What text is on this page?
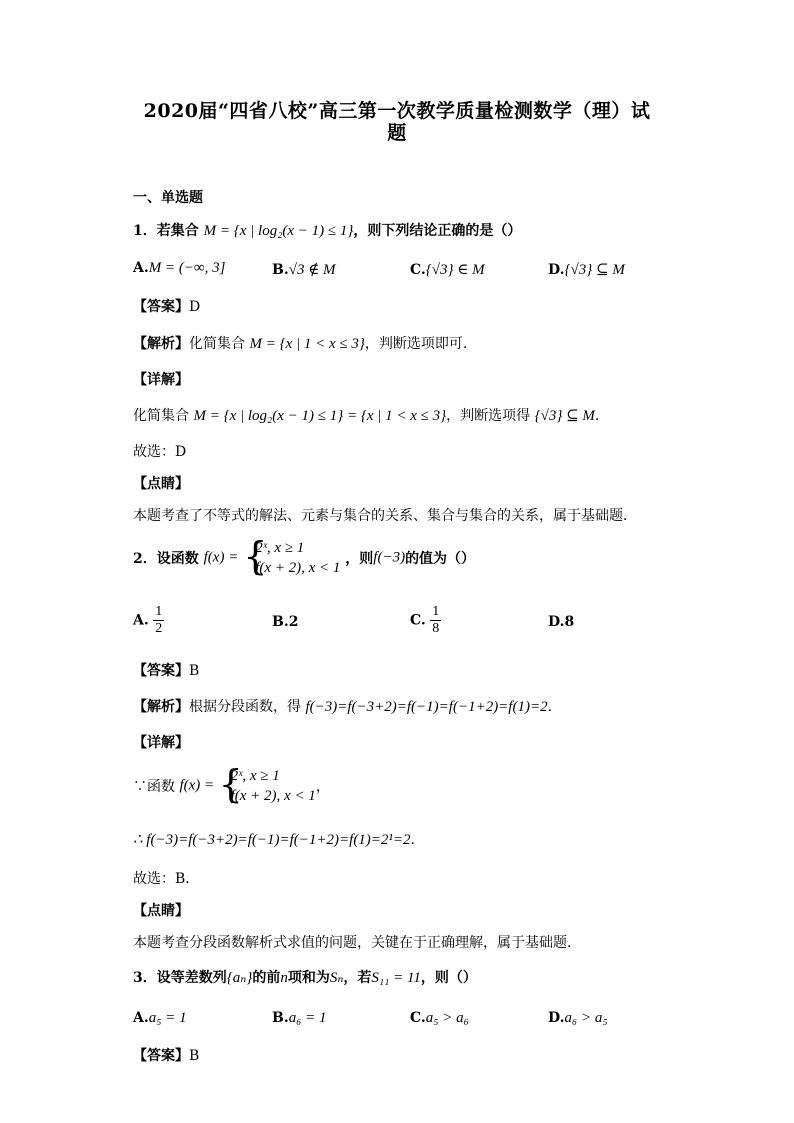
2020届“四省八校”高三第一次教学质量检测数学（理）试
题
一、单选题
1．若集合 M = {x | log₂(x − 1) ≤ 1}，则下列结论正确的是（）
A.M = (−∞, 3]	B.√3 ∉ M	C.{√3} ∈ M	D.{√3} ⊆ M
【答案】D
【解析】化简集合 M = {x | 1 < x ≤ 3}，判断选项即可.
【详解】
化简集合 M = {x | log₂(x − 1) ≤ 1} = {x | 1 < x ≤ 3}，判断选项得 {√3} ⊆ M.
故选：D
【点睛】
本题考查了不等式的解法、元素与集合的关系、集合与集合的关系，属于基础题．
2．设函数 f(x) = {
2ˣ, x ≥ 1
f(x + 2), x < 1
，则f(−3)的值为（）
A. $\frac{1}{2}$	B.2	C. $\frac{1}{8}$	D.8
【答案】B
【解析】根据分段函数，得 f(−3)=f(−3+2)=f(−1)=f(−1+2)=f(1)=2.
【详解】
∵函数 f(x) = {
2ˣ, x ≥ 1
f(x + 2), x < 1
，
∴ f(−3)=f(−3+2)=f(−1)=f(−1+2)=f(1)=2¹=2.
故选：B．
【点睛】
本题考查分段函数解析式求值的问题，关键在于正确理解，属于基础题．
3．设等差数列{aₙ}的前n项和为Sₙ，若S₁₁ = 11，则（）
A.a₅ = 1	B.a₆ = 1	C.a₅ > a₆	D.a₆ > a₅
【答案】B
